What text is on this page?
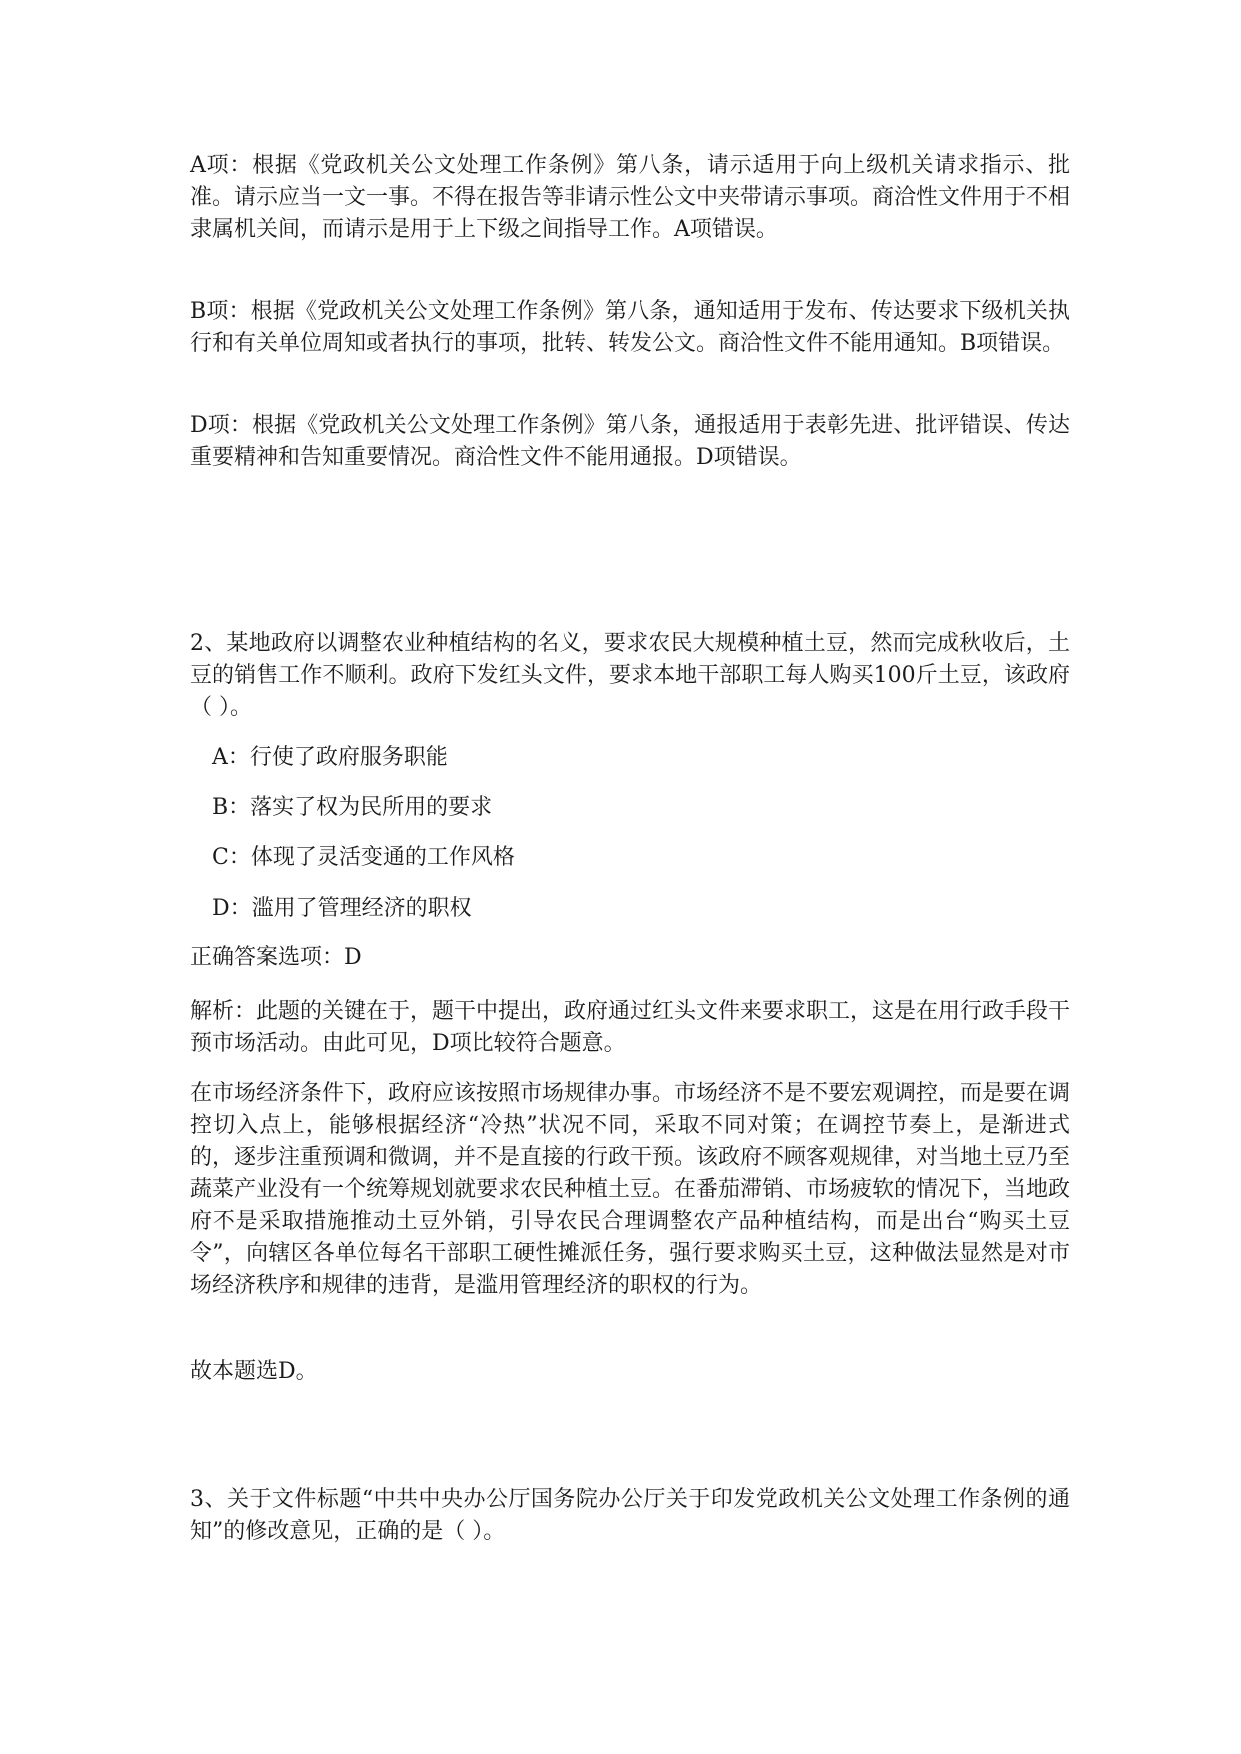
A项：根据《党政机关公文处理工作条例》第八条，请示适用于向上级机关请求指示、批准。请示应当一文一事。不得在报告等非请示性公文中夹带请示事项。商洽性文件用于不相隶属机关间，而请示是用于上下级之间指导工作。A项错误。

B项：根据《党政机关公文处理工作条例》第八条，通知适用于发布、传达要求下级机关执行和有关单位周知或者执行的事项，批转、转发公文。商洽性文件不能用通知。B项错误。

D项：根据《党政机关公文处理工作条例》第八条，通报适用于表彰先进、批评错误、传达重要精神和告知重要情况。商洽性文件不能用通报。D项错误。

2、某地政府以调整农业种植结构的名义，要求农民大规模种植土豆，然而完成秋收后，土豆的销售工作不顺利。政府下发红头文件，要求本地干部职工每人购买100斤土豆，该政府（ ）。

A：行使了政府服务职能

B：落实了权为民所用的要求

C：体现了灵活变通的工作风格

D：滥用了管理经济的职权

正确答案选项：D

解析：此题的关键在于，题干中提出，政府通过红头文件来要求职工，这是在用行政手段干预市场活动。由此可见，D项比较符合题意。

在市场经济条件下，政府应该按照市场规律办事。市场经济不是不要宏观调控，而是要在调控切入点上，能够根据经济“冷热”状况不同，采取不同对策；在调控节奏上，是渐进式的，逐步注重预调和微调，并不是直接的行政干预。该政府不顾客观规律，对当地土豆乃至蔬菜产业没有一个统筹规划就要求农民种植土豆。在番茄滞销、市场疲软的情况下，当地政府不是采取措施推动土豆外销，引导农民合理调整农产品种植结构，而是出台“购买土豆令”，向辖区各单位每名干部职工硬性摊派任务，强行要求购买土豆，这种做法显然是对市场经济秩序和规律的违背，是滥用管理经济的职权的行为。

故本题选D。

3、关于文件标题“中共中央办公厅国务院办公厅关于印发党政机关公文处理工作条例的通知”的修改意见，正确的是（ ）。
